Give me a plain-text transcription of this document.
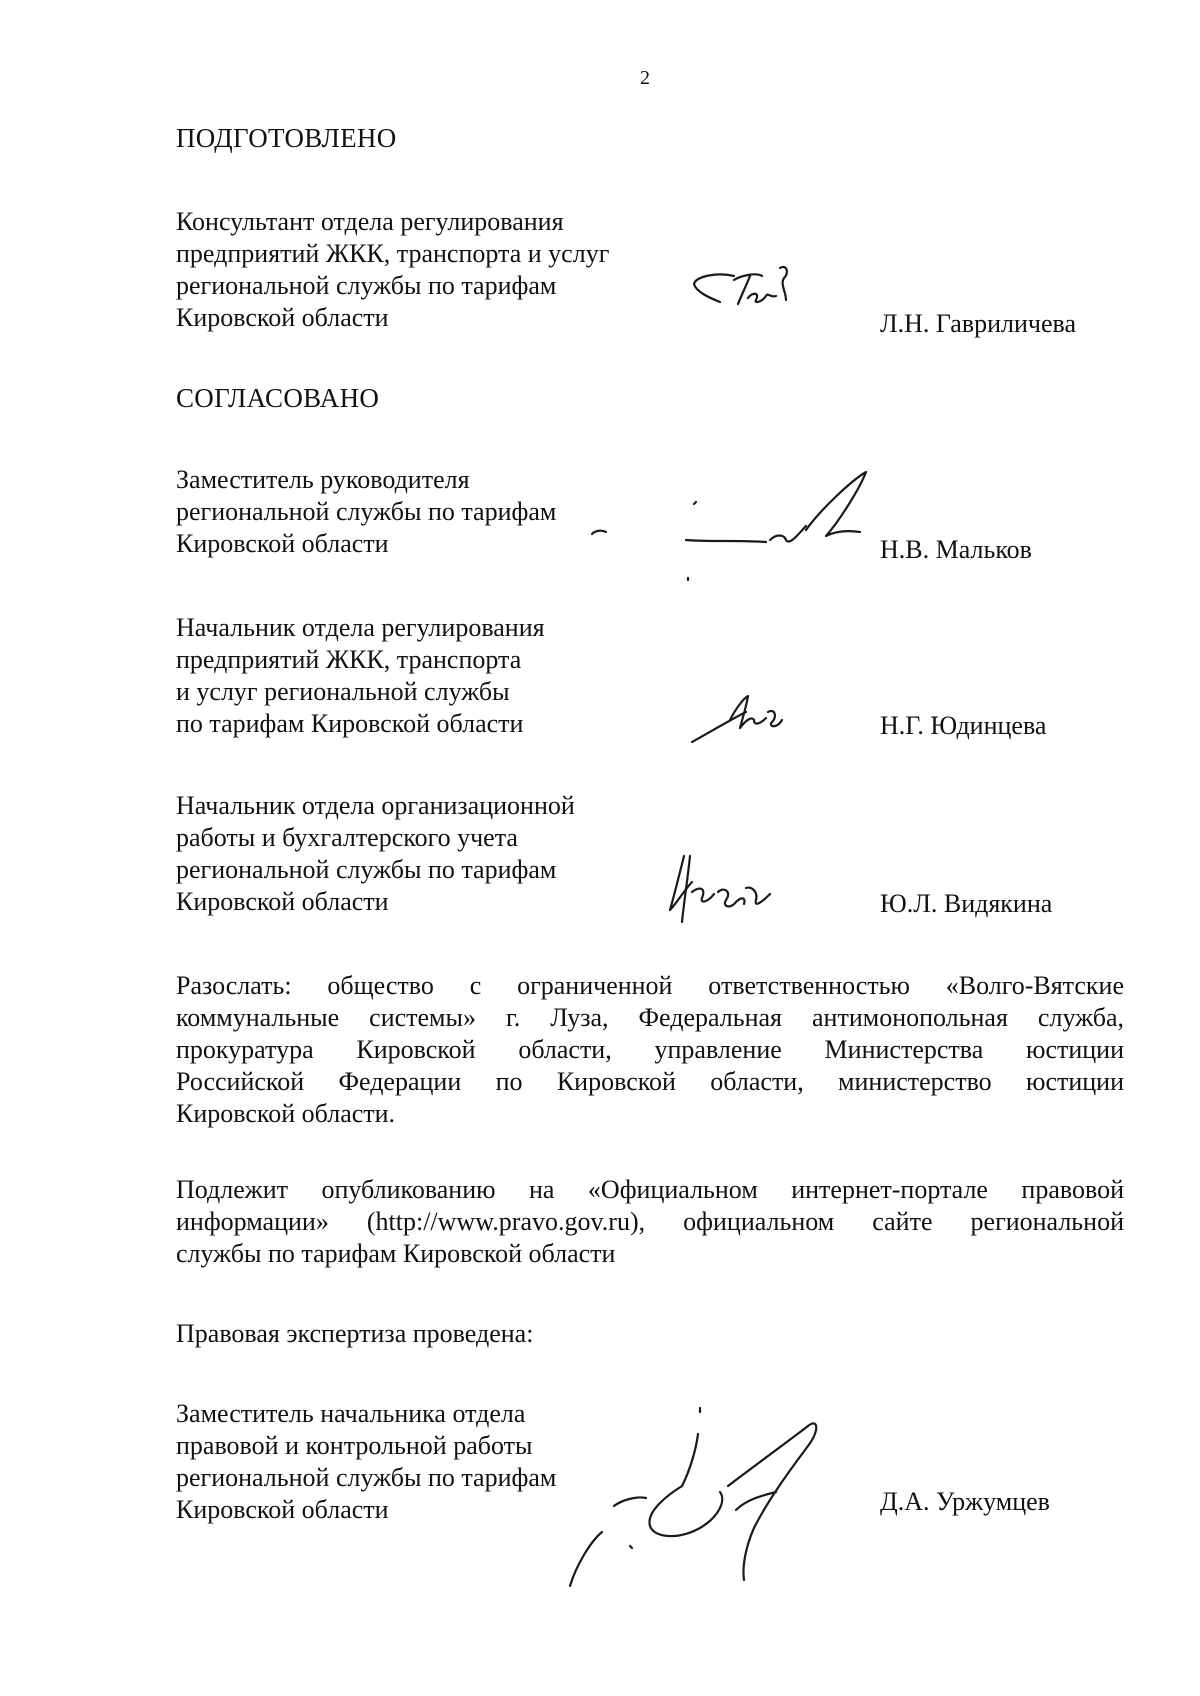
2
ПОДГОТОВЛЕНО
Консультант отдела регулирования
предприятий ЖКК, транспорта и услуг
региональной службы по тарифам
Кировской области	Л.Н. Гавриличева
СОГЛАСОВАНО
Заместитель руководителя
региональной службы по тарифам
Кировской области	Н.В. Мальков
Начальник отдела регулирования
предприятий ЖКК, транспорта
и услуг региональной службы
по тарифам Кировской области	Н.Г. Юдинцева
Начальник отдела организационной
работы и бухгалтерского учета
региональной службы по тарифам
Кировской области	Ю.Л. Видякина
Разослать: общество с ограниченной ответственностью «Волго-Вятские
коммунальные системы» г. Луза, Федеральная антимонопольная служба,
прокуратура Кировской области, управление Министерства юстиции
Российской Федерации по Кировской области, министерство юстиции
Кировской области.
Подлежит опубликованию на «Официальном интернет-портале правовой
информации» (http://www.pravo.gov.ru), официальном сайте региональной
службы по тарифам Кировской области
Правовая экспертиза проведена:
Заместитель начальника отдела
правовой и контрольной работы
региональной службы по тарифам
Кировской области	Д.А. Уржумцев
